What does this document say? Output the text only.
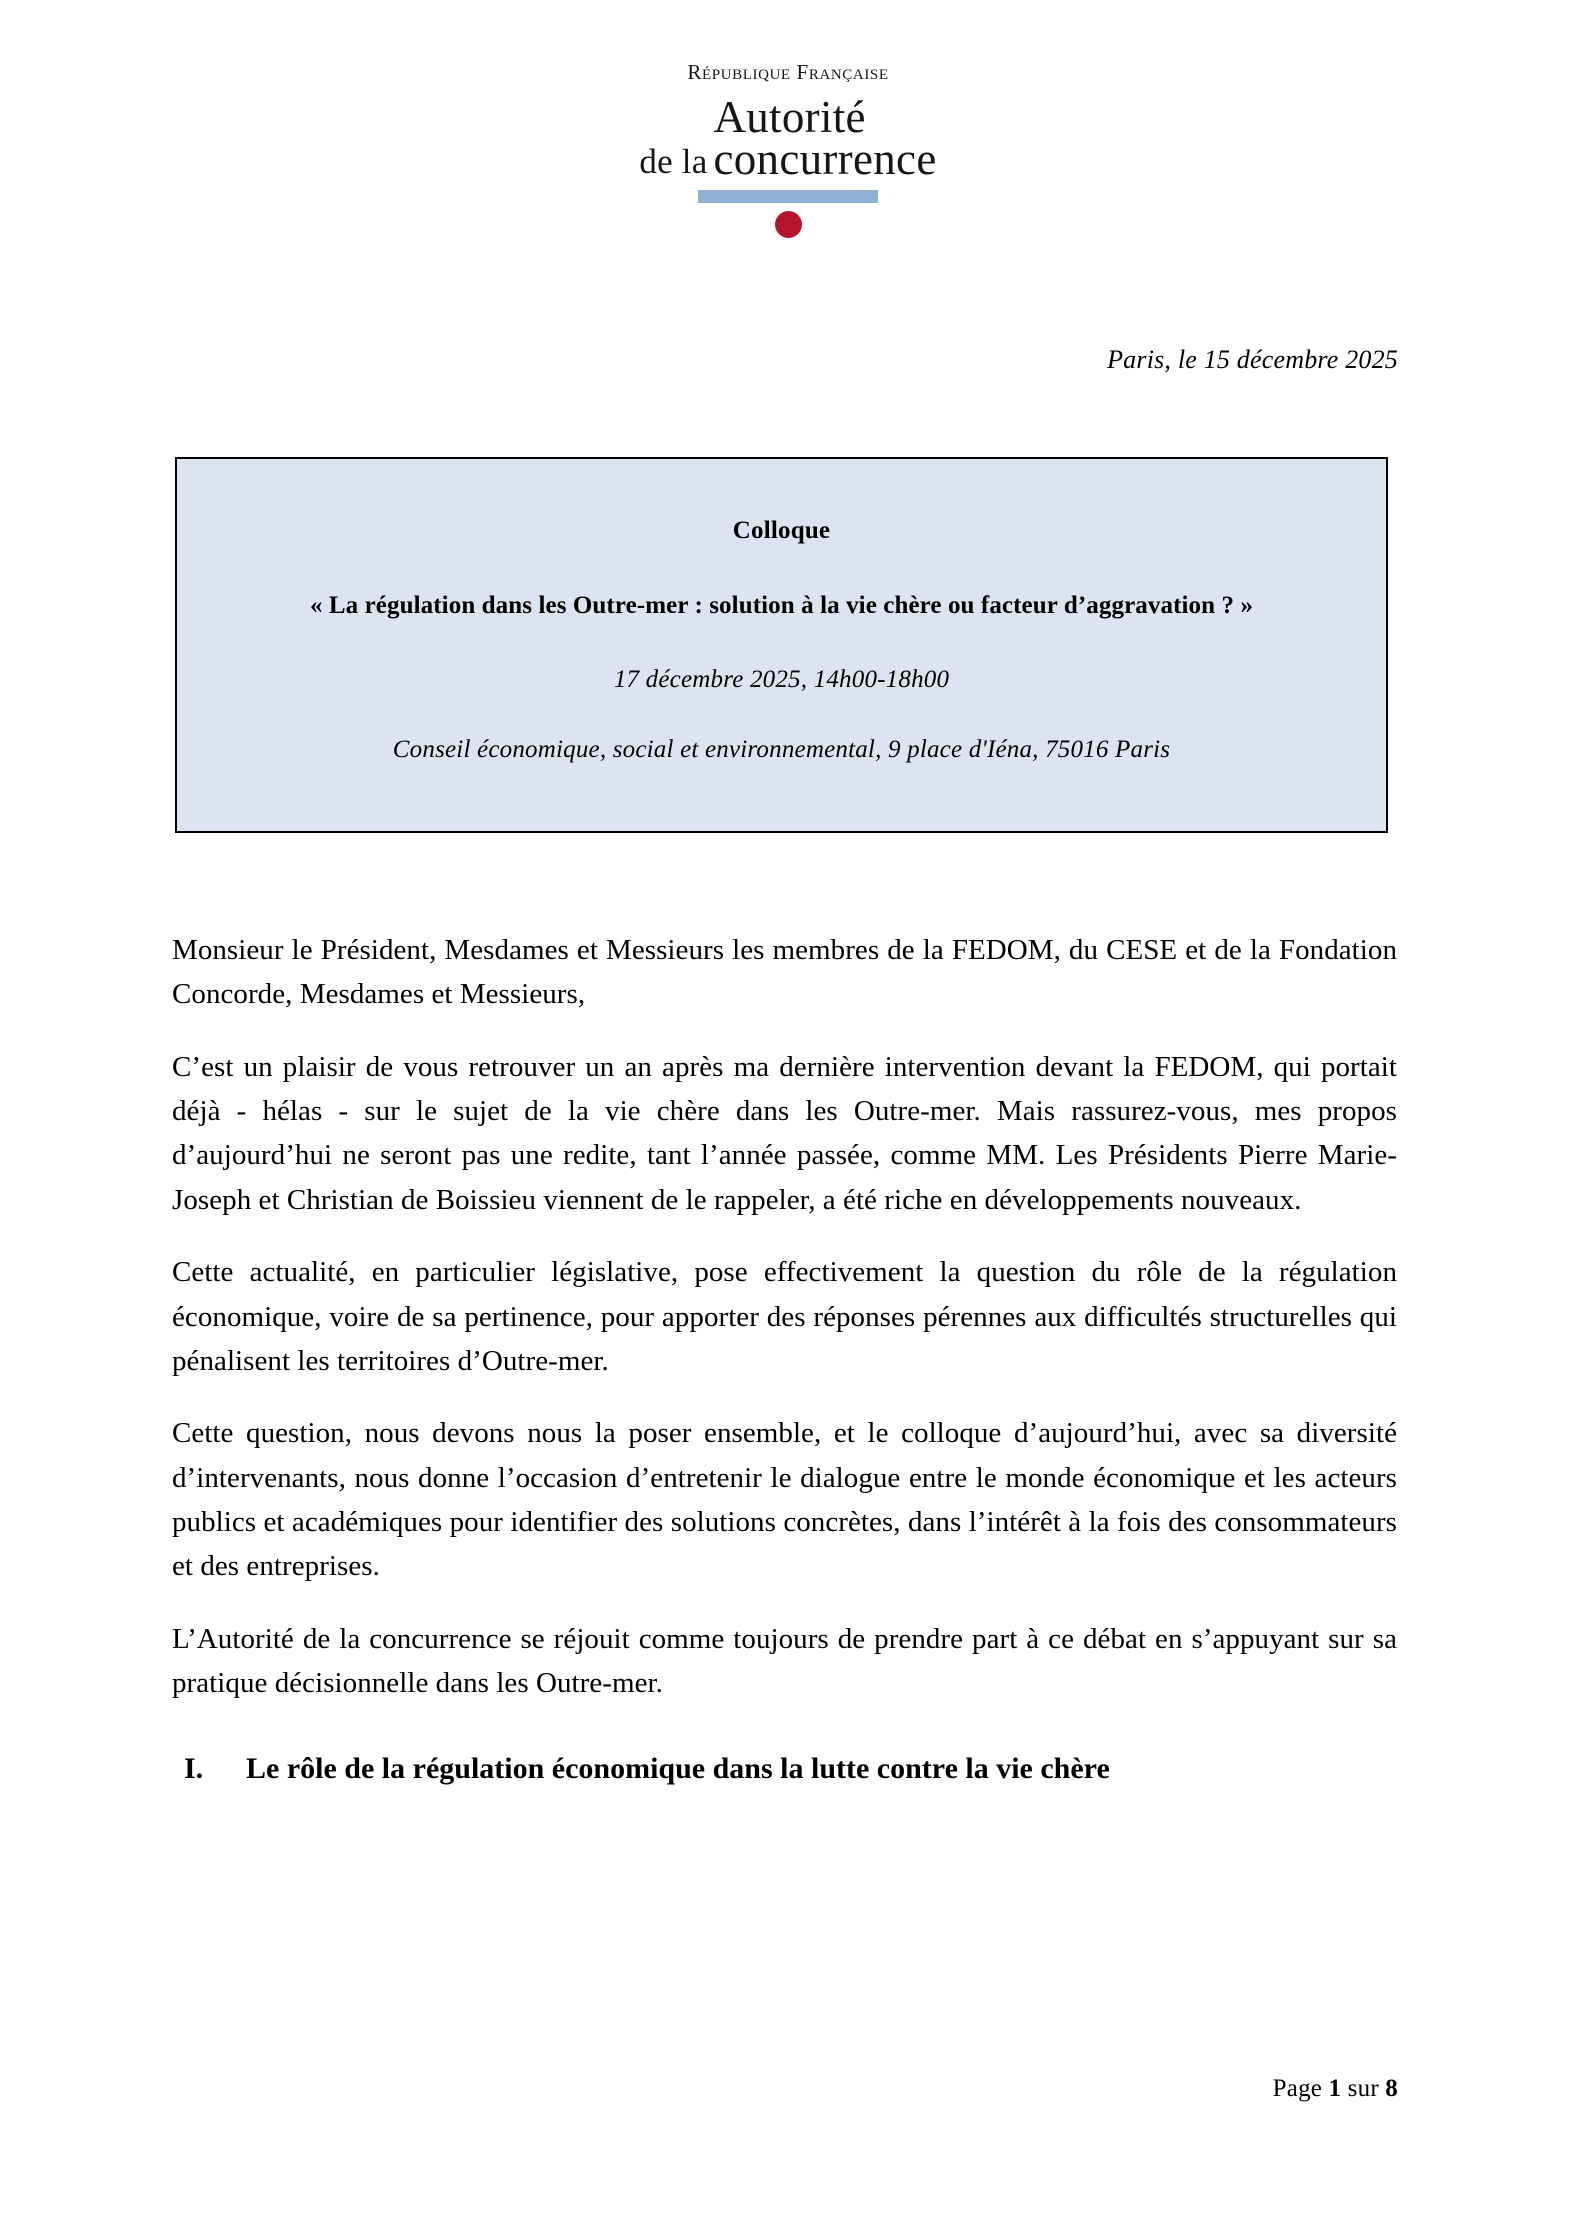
République Française
de la
Autorité
concurrence
Paris, le 15 décembre 2025
Colloque
« La régulation dans les Outre-mer : solution à la vie chère ou facteur d’aggravation ? »
17 décembre 2025, 14h00-18h00
Conseil économique, social et environnemental, 9 place d'Iéna, 75016 Paris

Monsieur le Président, Mesdames et Messieurs les membres de la FEDOM, du CESE et de la Fondation Concorde, Mesdames et Messieurs,

C’est un plaisir de vous retrouver un an après ma dernière intervention devant la FEDOM, qui portait déjà - hélas - sur le sujet de la vie chère dans les Outre-mer. Mais rassurez-vous, mes propos d’aujourd’hui ne seront pas une redite, tant l’année passée, comme MM. Les Présidents Pierre Marie-Joseph et Christian de Boissieu viennent de le rappeler, a été riche en développements nouveaux.

Cette actualité, en particulier législative, pose effectivement la question du rôle de la régulation économique, voire de sa pertinence, pour apporter des réponses pérennes aux difficultés structurelles qui pénalisent les territoires d’Outre-mer.

Cette question, nous devons nous la poser ensemble, et le colloque d’aujourd’hui, avec sa diversité d’intervenants, nous donne l’occasion d’entretenir le dialogue entre le monde économique et les acteurs publics et académiques pour identifier des solutions concrètes, dans l’intérêt à la fois des consommateurs et des entreprises.

L’Autorité de la concurrence se réjouit comme toujours de prendre part à ce débat en s’appuyant sur sa pratique décisionnelle dans les Outre-mer.

I.	Le rôle de la régulation économique dans la lutte contre la vie chère
Page 1 sur 8
